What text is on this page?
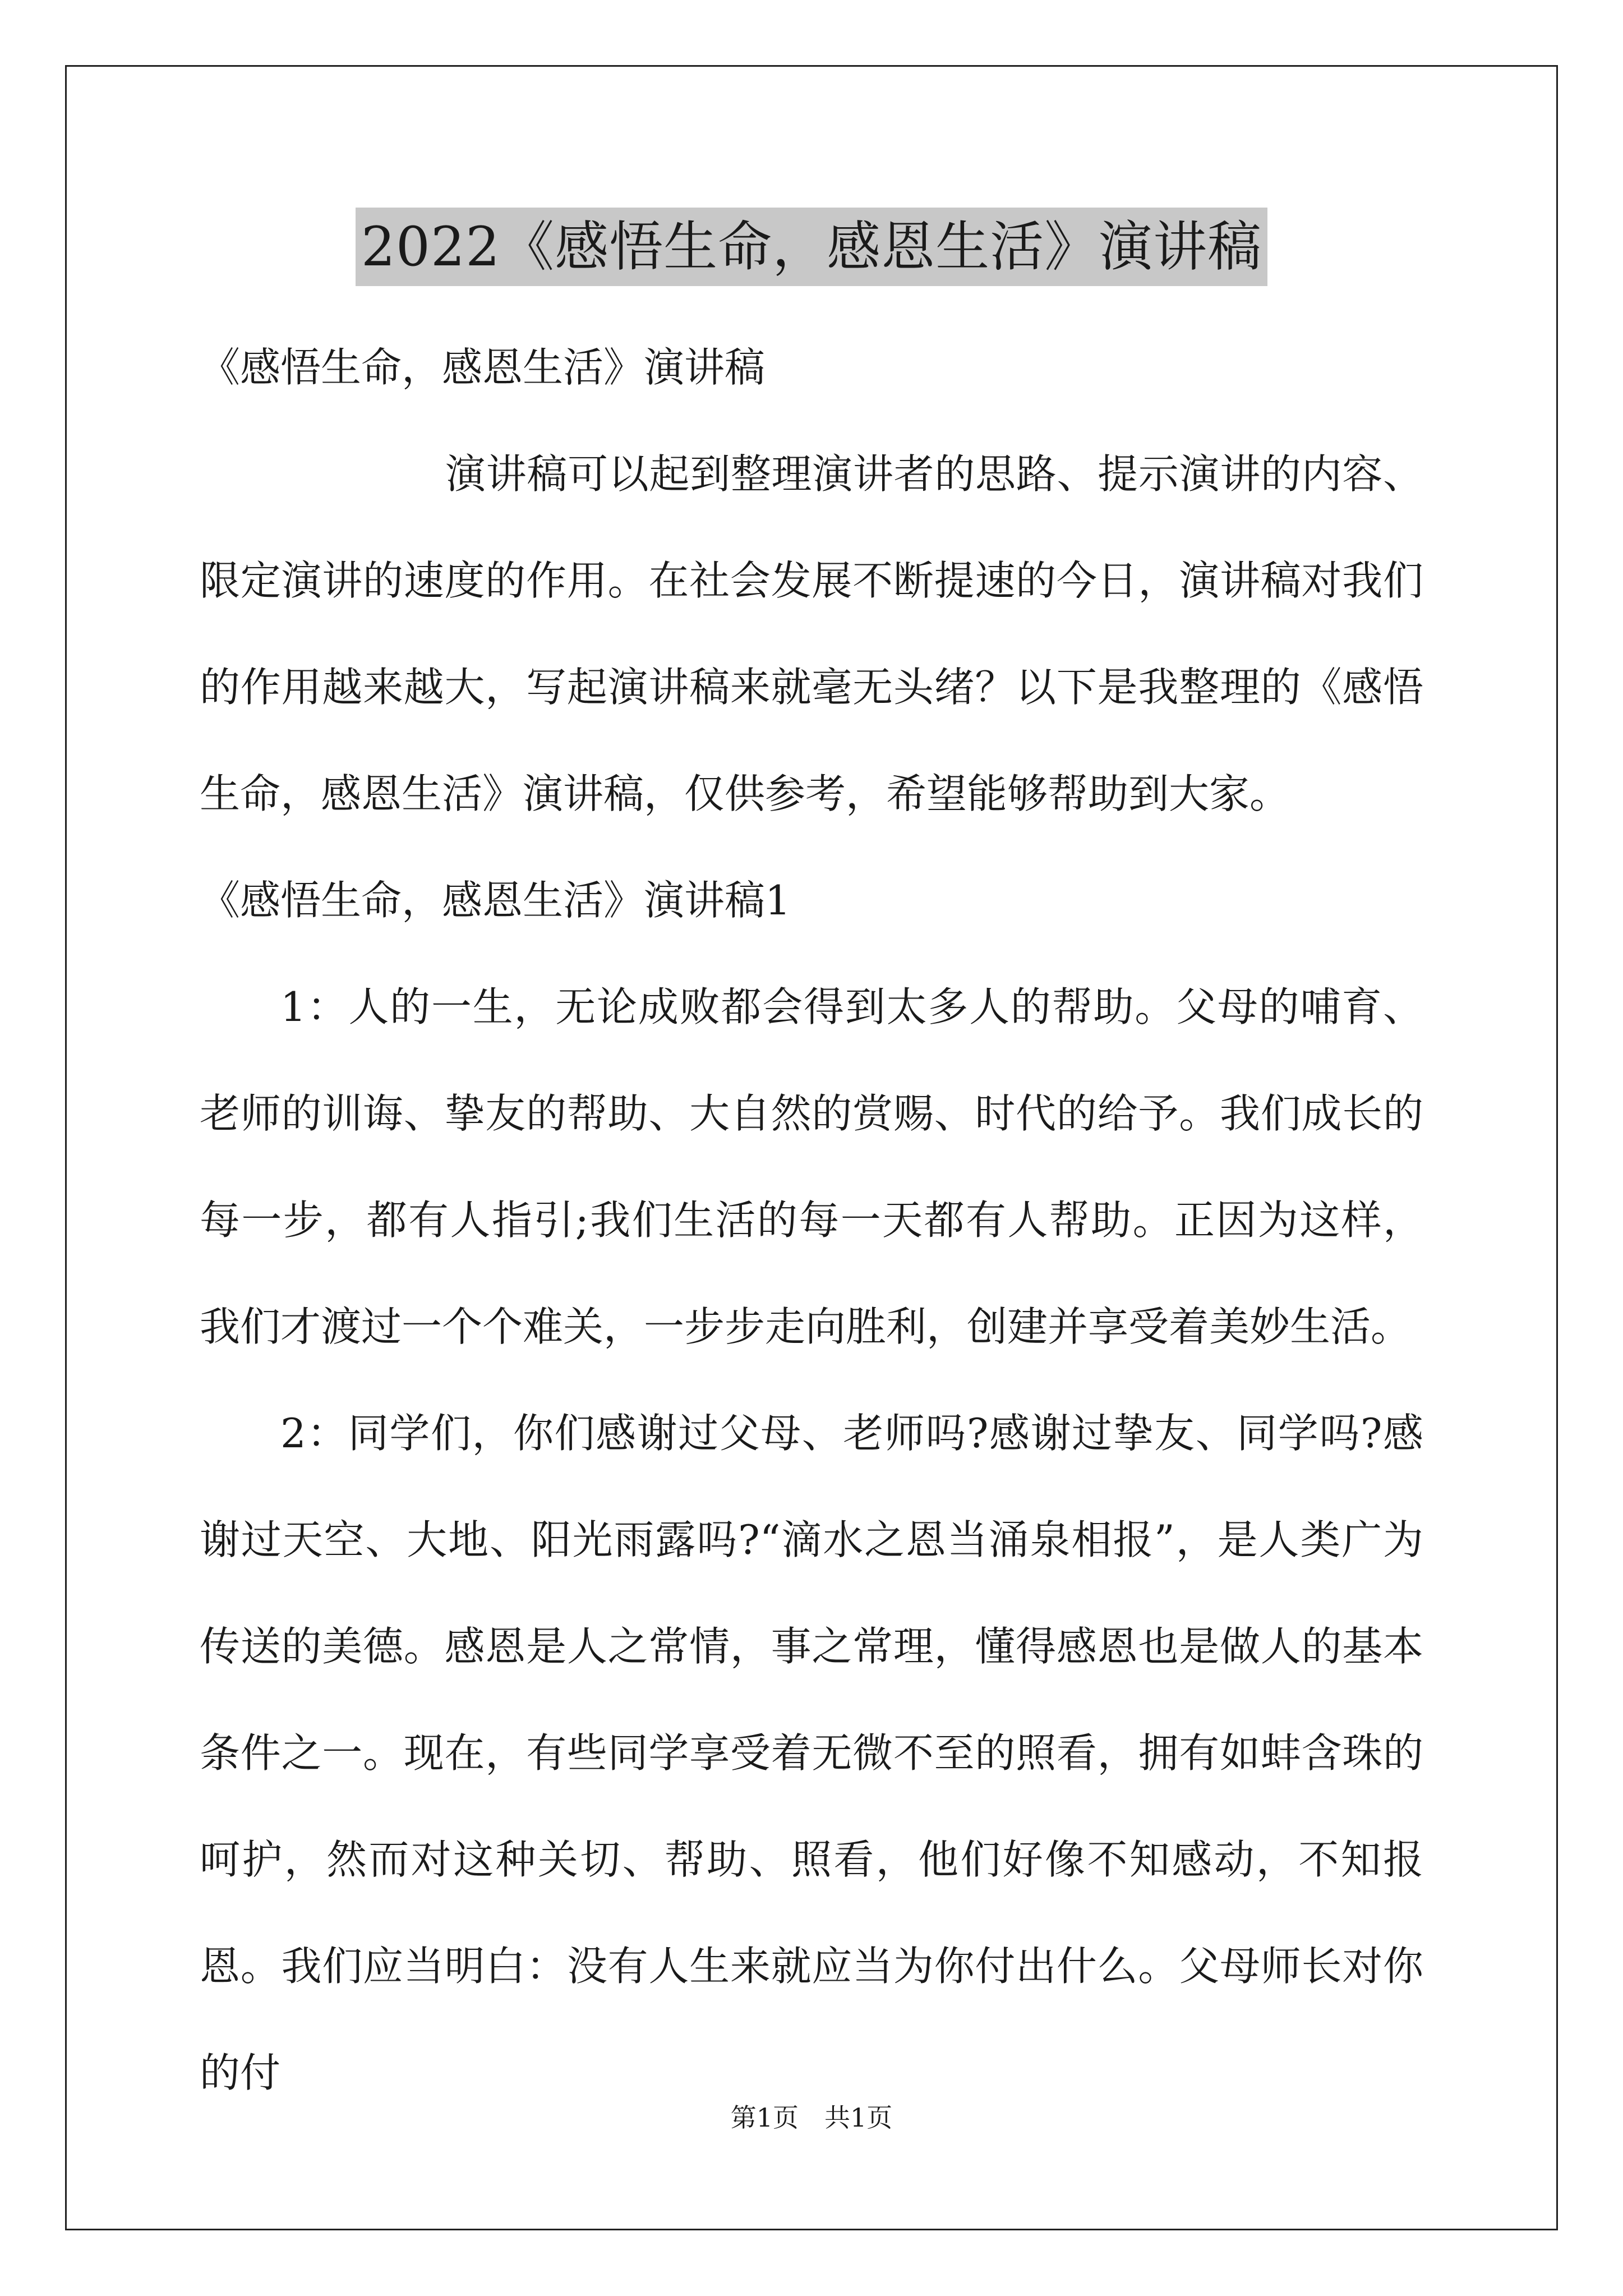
2022《感悟生命，感恩生活》演讲稿

《感悟生命，感恩生活》演讲稿

演讲稿可以起到整理演讲者的思路、提示演讲的内容、限定演讲的速度的作用。在社会发展不断提速的今日，演讲稿对我们的作用越来越大，写起演讲稿来就毫无头绪？以下是我整理的《感悟生命，感恩生活》演讲稿，仅供参考，希望能够帮助到大家。

《感悟生命，感恩生活》演讲稿1

1：人的一生，无论成败都会得到太多人的帮助。父母的哺育、老师的训诲、挚友的帮助、大自然的赏赐、时代的给予。我们成长的每一步，都有人指引;我们生活的每一天都有人帮助。正因为这样，我们才渡过一个个难关，一步步走向胜利，创建并享受着美妙生活。

2：同学们，你们感谢过父母、老师吗?感谢过挚友、同学吗?感谢过天空、大地、阳光雨露吗?“滴水之恩当涌泉相报”，是人类广为传送的美德。感恩是人之常情，事之常理，懂得感恩也是做人的基本条件之一。现在，有些同学享受着无微不至的照看，拥有如蚌含珠的呵护，然而对这种关切、帮助、照看，他们好像不知感动，不知报恩。我们应当明白：没有人生来就应当为你付出什么。父母师长对你的付

第1页　共1页
